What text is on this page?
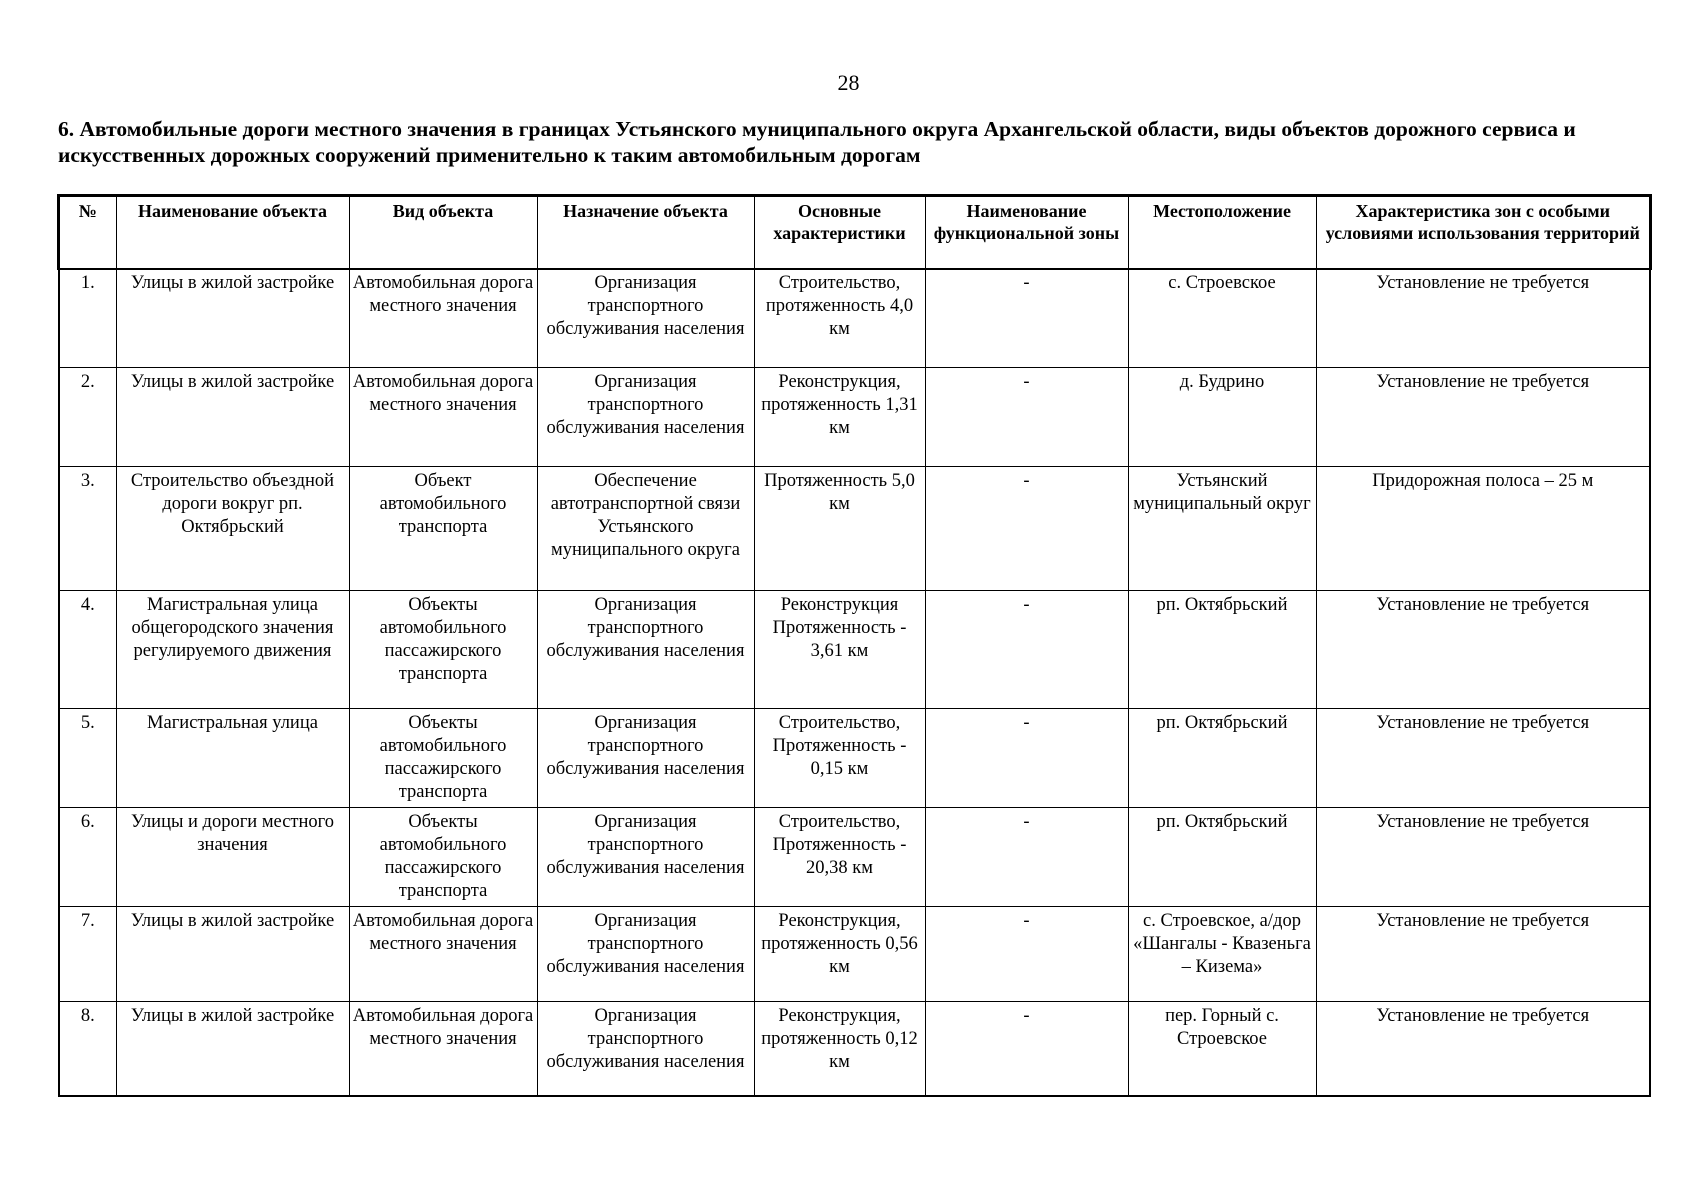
28
6. Автомобильные дороги местного значения в границах Устьянского муниципального округа Архангельской области, виды объектов дорожного сервиса и искусственных дорожных сооружений применительно к таким автомобильным дорогам
№	Наименование объекта	Вид объекта	Назначение объекта	Основные характеристики	Наименование функциональной зоны	Местоположение	Характеристика зон с особыми условиями использования территорий
1.	Улицы в жилой застройке	Автомобильная дорога местного значения	Организация транспортного обслуживания населения	Строительство, протяженность 4,0 км	-	с. Строевское	Установление не требуется
2.	Улицы в жилой застройке	Автомобильная дорога местного значения	Организация транспортного обслуживания населения	Реконструкция, протяженность 1,31 км	-	д. Будрино	Установление не требуется
3.	Строительство объездной дороги вокруг рп. Октябрьский	Объект автомобильного транспорта	Обеспечение автотранспортной связи Устьянского муниципального округа	Протяженность 5,0 км	-	Устьянский муниципальный округ	Придорожная полоса – 25 м
4.	Магистральная улица общегородского значения регулируемого движения	Объекты автомобильного пассажирского транспорта	Организация транспортного обслуживания населения	Реконструкция Протяженность - 3,61 км	-	рп. Октябрьский	Установление не требуется
5.	Магистральная улица	Объекты автомобильного пассажирского транспорта	Организация транспортного обслуживания населения	Строительство, Протяженность - 0,15 км	-	рп. Октябрьский	Установление не требуется
6.	Улицы и дороги местного значения	Объекты автомобильного пассажирского транспорта	Организация транспортного обслуживания населения	Строительство, Протяженность - 20,38 км	-	рп. Октябрьский	Установление не требуется
7.	Улицы в жилой застройке	Автомобильная дорога местного значения	Организация транспортного обслуживания населения	Реконструкция, протяженность 0,56 км	-	с. Строевское, а/дор «Шангалы - Квазеньга – Кизема»	Установление не требуется
8.	Улицы в жилой застройке	Автомобильная дорога местного значения	Организация транспортного обслуживания населения	Реконструкция, протяженность 0,12 км	-	пер. Горный с. Строевское	Установление не требуется
